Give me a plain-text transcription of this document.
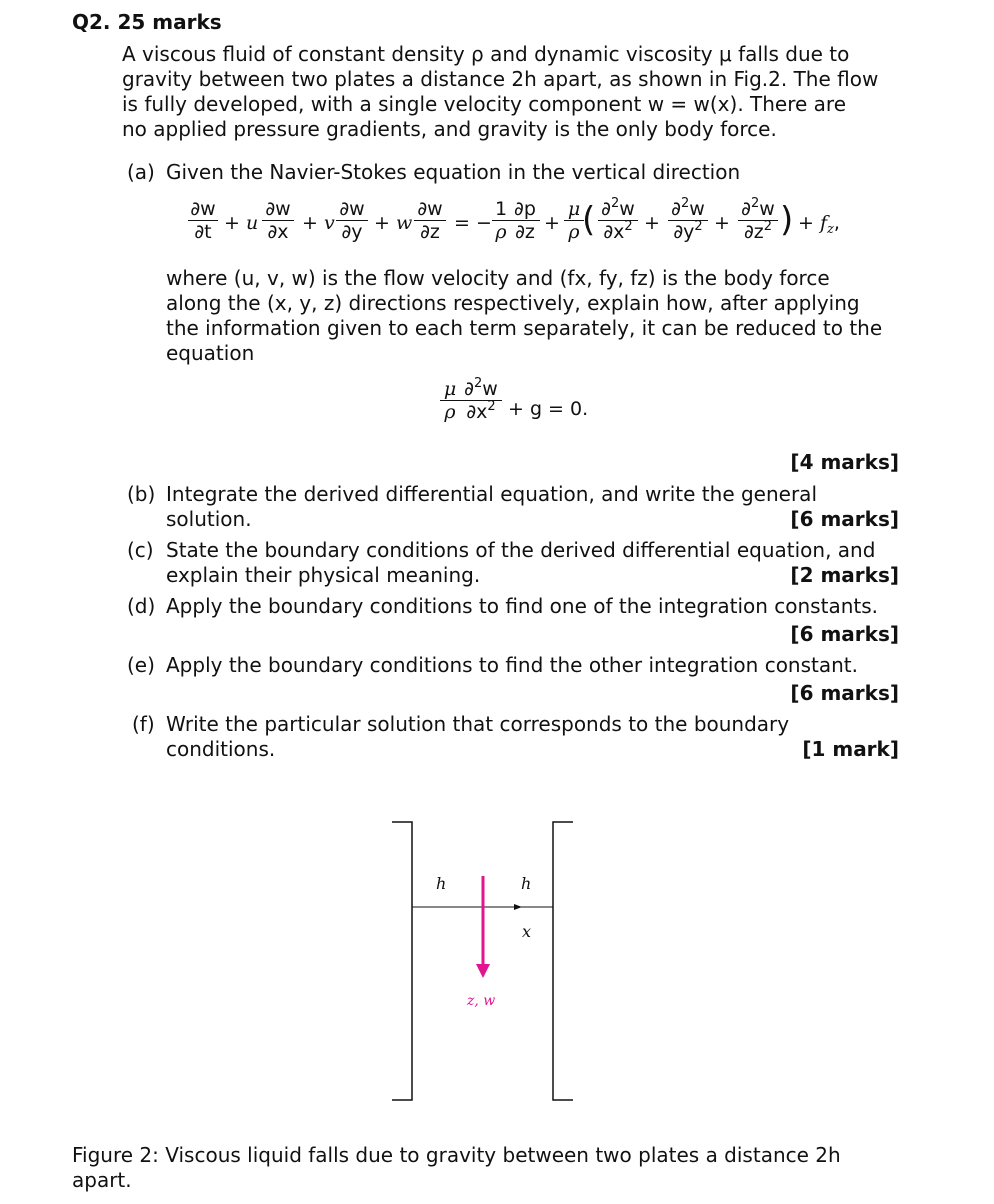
Q2. 25 marks
A viscous fluid of constant density ρ and dynamic viscosity μ falls due to
gravity between two plates a distance 2h apart, as shown in Fig.2. The flow
is fully developed, with a single velocity component w = w(x). There are
no applied pressure gradients, and gravity is the only body force.
(a) Given the Navier-Stokes equation in the vertical direction
$\frac{\partial w}{\partial t} + u \frac{\partial w}{\partial x} + v \frac{\partial w}{\partial y} + w \frac{\partial w}{\partial z}$ = − $\frac{1}{\rho} \frac{\partial p}{\partial z} + \frac{\mu}{\rho}$
( $\frac{\partial^2w}{\partial x^2} + \frac{\partial^2w}{\partial y^2} + \frac{\partial^2w}{\partial z^2}$ ) + $f_z$,
where (u, v, w) is the flow velocity and (fx, fy, fz) is the body force
along the (x, y, z) directions respectively, explain how, after applying
the information given to each term separately, it can be reduced to the
equation
$\frac{\mu}{\rho} \frac{\partial^2w}{\partial x^2} + g = 0$.
[4 marks]
(b) Integrate the derived differential equation, and write the general
solution.	[6 marks]
(c) State the boundary conditions of the derived differential equation, and
explain their physical meaning.	[2 marks]
(d) Apply the boundary conditions to find one of the integration constants.
[6 marks]
(e) Apply the boundary conditions to find the other integration constant.
[6 marks]
(f) Write the particular solution that corresponds to the boundary
conditions.	[1 mark]
h	h
x
z, w
Figure 2: Viscous liquid falls due to gravity between two plates a distance 2h
apart.
